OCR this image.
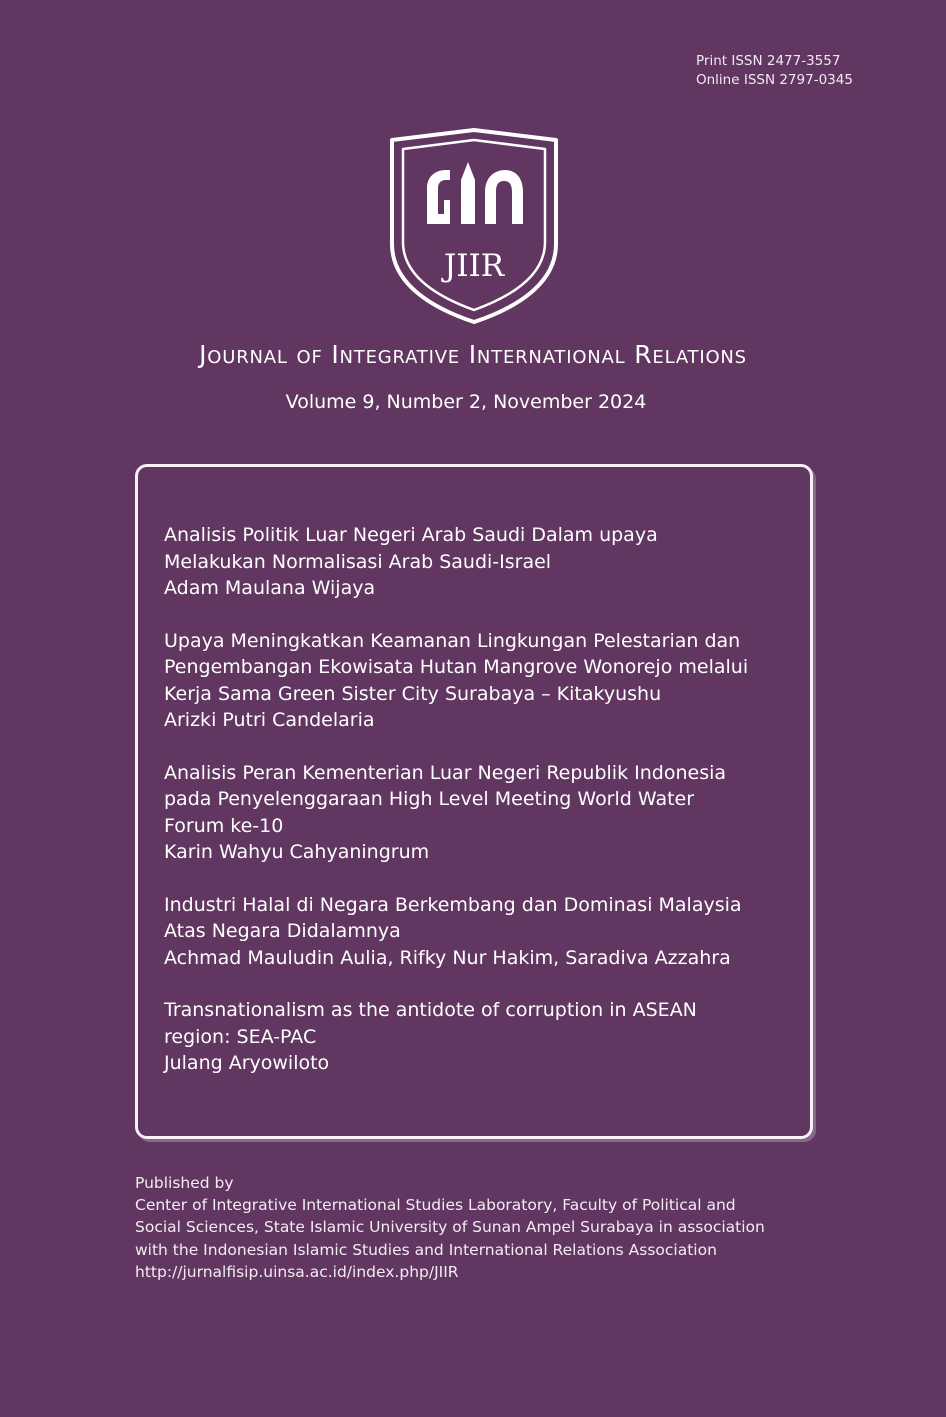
Print ISSN 2477-3557
Online ISSN 2797-0345
JIIR
Journal of Integrative International Relations
Volume 9, Number 2, November 2024
Analisis Politik Luar Negeri Arab Saudi Dalam upaya
Melakukan Normalisasi Arab Saudi-Israel
Adam Maulana Wijaya
Upaya Meningkatkan Keamanan Lingkungan Pelestarian dan
Pengembangan Ekowisata Hutan Mangrove Wonorejo melalui
Kerja Sama Green Sister City Surabaya – Kitakyushu
Arizki Putri Candelaria
Analisis Peran Kementerian Luar Negeri Republik Indonesia
pada Penyelenggaraan High Level Meeting World Water
Forum ke-10
Karin Wahyu Cahyaningrum
Industri Halal di Negara Berkembang dan Dominasi Malaysia
Atas Negara Didalamnya
Achmad Mauludin Aulia, Rifky Nur Hakim, Saradiva Azzahra
Transnationalism as the antidote of corruption in ASEAN
region: SEA-PAC
Julang Aryowiloto
Published by
Center of Integrative International Studies Laboratory, Faculty of Political and
Social Sciences, State Islamic University of Sunan Ampel Surabaya in association
with the Indonesian Islamic Studies and International Relations Association
http://jurnalfisip.uinsa.ac.id/index.php/JIIR
